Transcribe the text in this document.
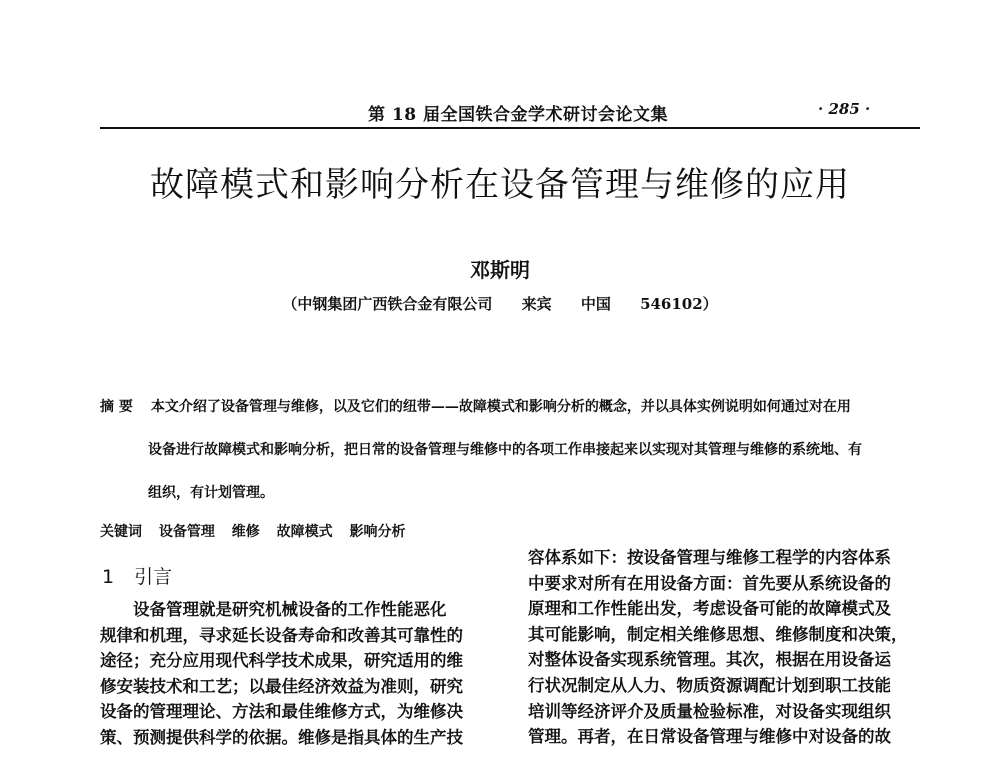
第 18 届全国铁合金学术研讨会论文集	· 285 ·
故障模式和影响分析在设备管理与维修的应用
邓斯明
（中钢集团广西铁合金有限公司 来宾 中国 546102）
摘 要 本文介绍了设备管理与维修，以及它们的纽带——故障模式和影响分析的概念，并以具体实例说明如何通过对在用
设备进行故障模式和影响分析，把日常的设备管理与维修中的各项工作串接起来以实现对其管理与维修的系统地、有
组织，有计划管理。
关键词 设备管理 维修 故障模式 影响分析
1 引言
设备管理就是研究机械设备的工作性能恶化
规律和机理，寻求延长设备寿命和改善其可靠性的
途径；充分应用现代科学技术成果，研究适用的维
修安装技术和工艺；以最佳经济效益为准则，研究
设备的管理理论、方法和最佳维修方式，为维修决
策、预测提供科学的依据。维修是指具体的生产技
容体系如下：按设备管理与维修工程学的内容体系
中要求对所有在用设备方面：首先要从系统设备的
原理和工作性能出发，考虑设备可能的故障模式及
其可能影响，制定相关维修思想、维修制度和决策，
对整体设备实现系统管理。其次，根据在用设备运
行状况制定从人力、物质资源调配计划到职工技能
培训等经济评介及质量检验标准，对设备实现组织
管理。再者，在日常设备管理与维修中对设备的故
